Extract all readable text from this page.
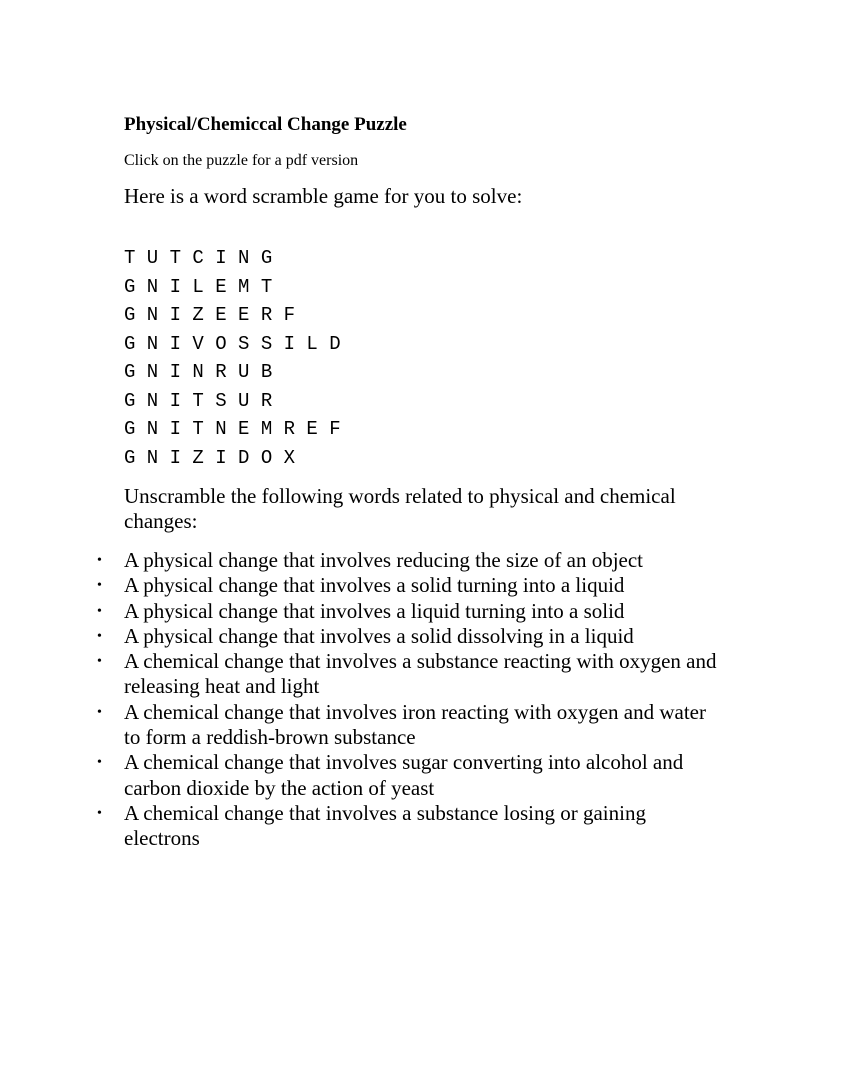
Physical/Chemiccal Change Puzzle

Click on the puzzle for a pdf version

Here is a word scramble game for you to solve:

T U T C I N G
G N I L E M T
G N I Z E E R F
G N I V O S S I L D
G N I N R U B
G N I T S U R
G N I T N E M R E F
G N I Z I D O X

Unscramble the following words related to physical and chemical changes:

• A physical change that involves reducing the size of an object
• A physical change that involves a solid turning into a liquid
• A physical change that involves a liquid turning into a solid
• A physical change that involves a solid dissolving in a liquid
• A chemical change that involves a substance reacting with oxygen and releasing heat and light
• A chemical change that involves iron reacting with oxygen and water to form a reddish-brown substance
• A chemical change that involves sugar converting into alcohol and carbon dioxide by the action of yeast
• A chemical change that involves a substance losing or gaining electrons
